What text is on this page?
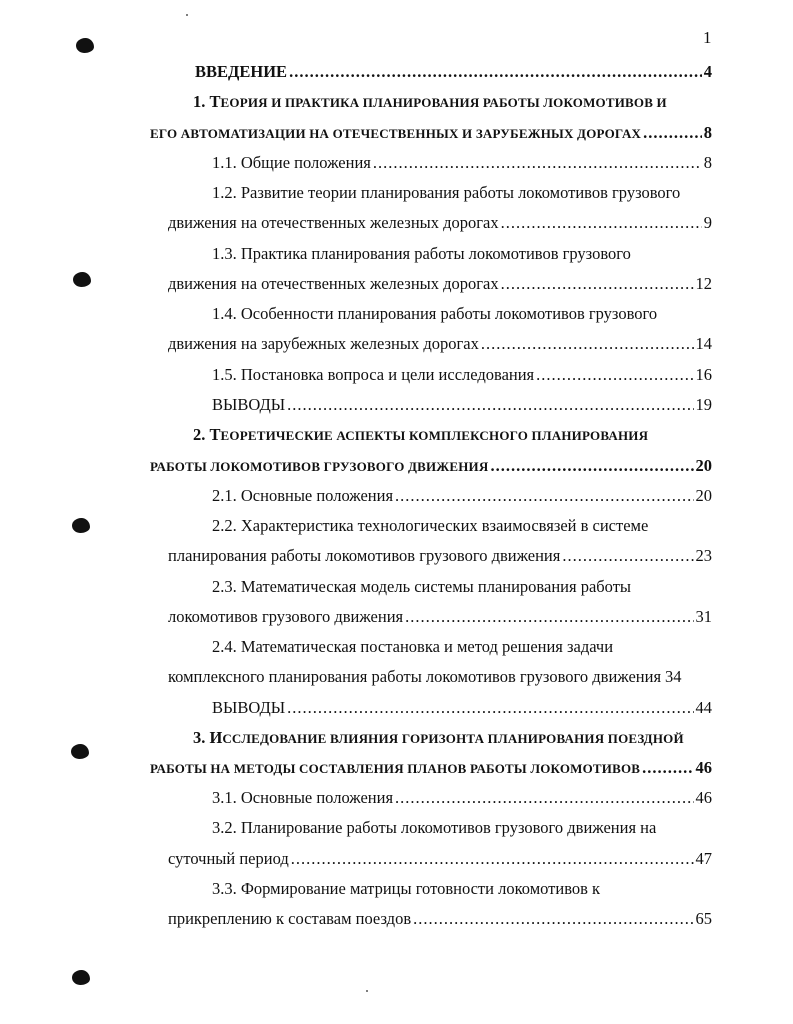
1
ВВЕДЕНИЕ .....	4
1. Т ЕОРИЯ И ПРАКТИКА ПЛАНИРОВАНИЯ РАБОТЫ ЛОКОМОТИВОВ И
ЕГО АВТОМАТИЗАЦИИ НА ОТЕЧЕСТВЕННЫХ И ЗАРУБЕЖНЫХ ДОРОГАХ .....	8
1.1. Общие положения .....	8
1.2. Развитие теории планирования работы локомотивов грузового
движения на отечественных железных дорогах .....	9
1.3. Практика планирования работы локомотивов грузового
движения на отечественных железных дорогах .....	12
1.4. Особенности планирования работы локомотивов грузового
движения на зарубежных железных дорогах .....	14
1.5. Постановка вопроса и цели исследования .....	16
ВЫВОДЫ .....	19
2. Т ЕОРЕТИЧЕСКИЕ АСПЕКТЫ КОМПЛЕКСНОГО ПЛАНИРОВАНИЯ
РАБОТЫ ЛОКОМОТИВОВ ГРУЗОВОГО ДВИЖЕНИЯ .....	20
2.1. Основные положения .....	20
2.2. Характеристика технологических взаимосвязей в системе
планирования работы локомотивов грузового движения .....	23
2.3. Математическая модель системы планирования работы
локомотивов грузового движения .....	31
2.4. Математическая постановка и метод решения задачи
комплексного планирования работы локомотивов грузового движения 34
ВЫВОДЫ .....	44
3. И ССЛЕДОВАНИЕ ВЛИЯНИЯ ГОРИЗОНТА ПЛАНИРОВАНИЯ ПОЕЗДНОЙ
РАБОТЫ НА МЕТОДЫ СОСТАВЛЕНИЯ ПЛАНОВ РАБОТЫ ЛОКОМОТИВОВ .....	46
3.1. Основные положения .....	46
3.2. Планирование работы локомотивов грузового движения на
суточный период .....	47
3.3. Формирование матрицы готовности локомотивов к
прикреплению к составам поездов .....	65
